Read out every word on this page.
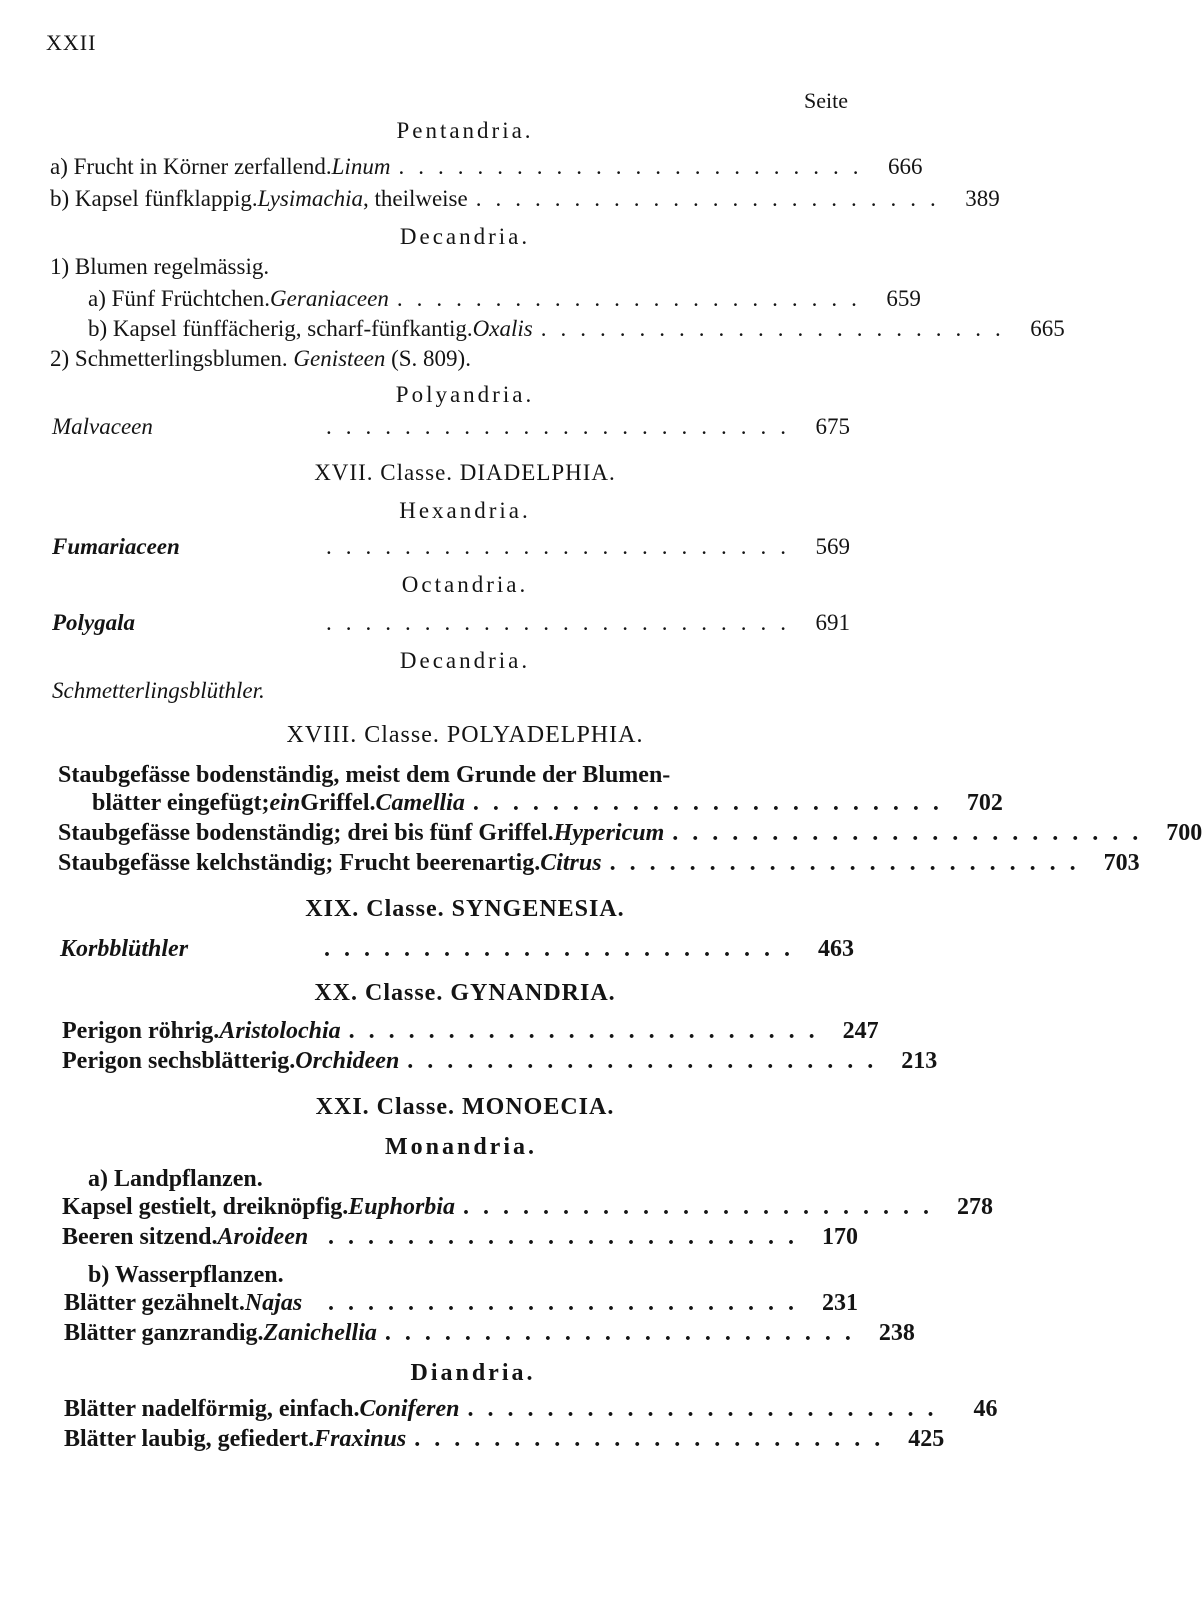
XXII
Seite
Pentandria.
a) Frucht in Körner zerfallend. Linum ........................ 666
b) Kapsel fünfklappig. Lysimachia , theilweise ........................ 389
Decandria.
1) Blumen regelmässig.
a) Fünf Früchtchen. Geraniaceen ........................ 659
b) Kapsel fünffächerig, scharf-fünfkantig. Oxalis ........................ 665
2) Schmetterlingsblumen. Genisteen (S. 809).
Polyandria.
Malvaceen	........................ 675
XVII. Classe. DIADELPHIA.
Hexandria.
Fumariaceen	........................ 569
Octandria.
Polygala	........................ 691
Decandria.
Schmetterlingsblüthler.
XVIII. Classe. POLYADELPHIA.
Staubgefässe bodenständig, meist dem Grunde der Blumen-
blätter eingefügt; ein Griffel. Camellia ........................ 702
Staubgefässe bodenständig; drei bis fünf Griffel. Hypericum ........................ 700
Staubgefässe kelchständig; Frucht beerenartig. Citrus ........................ 703
XIX. Classe. SYNGENESIA.
Korbblüthler	........................ 463
XX. Classe. GYNANDRIA.
Perigon röhrig. Aristolochia ........................ 247
Perigon sechsblätterig. Orchideen ........................ 213
XXI. Classe. MONOECIA.
Monandria.
a) Landpflanzen.
Kapsel gestielt, dreiknöpfig. Euphorbia ........................ 278
Beeren sitzend. Aroideen ........................ 170
b) Wasserpflanzen.
Blätter gezähnelt. Najas	........................ 231
Blätter ganzrandig. Zanichellia ........................ 238
Diandria.
Blätter nadelförmig, einfach. Coniferen ........................	46
Blätter laubig, gefiedert. Fraxinus ........................ 425
